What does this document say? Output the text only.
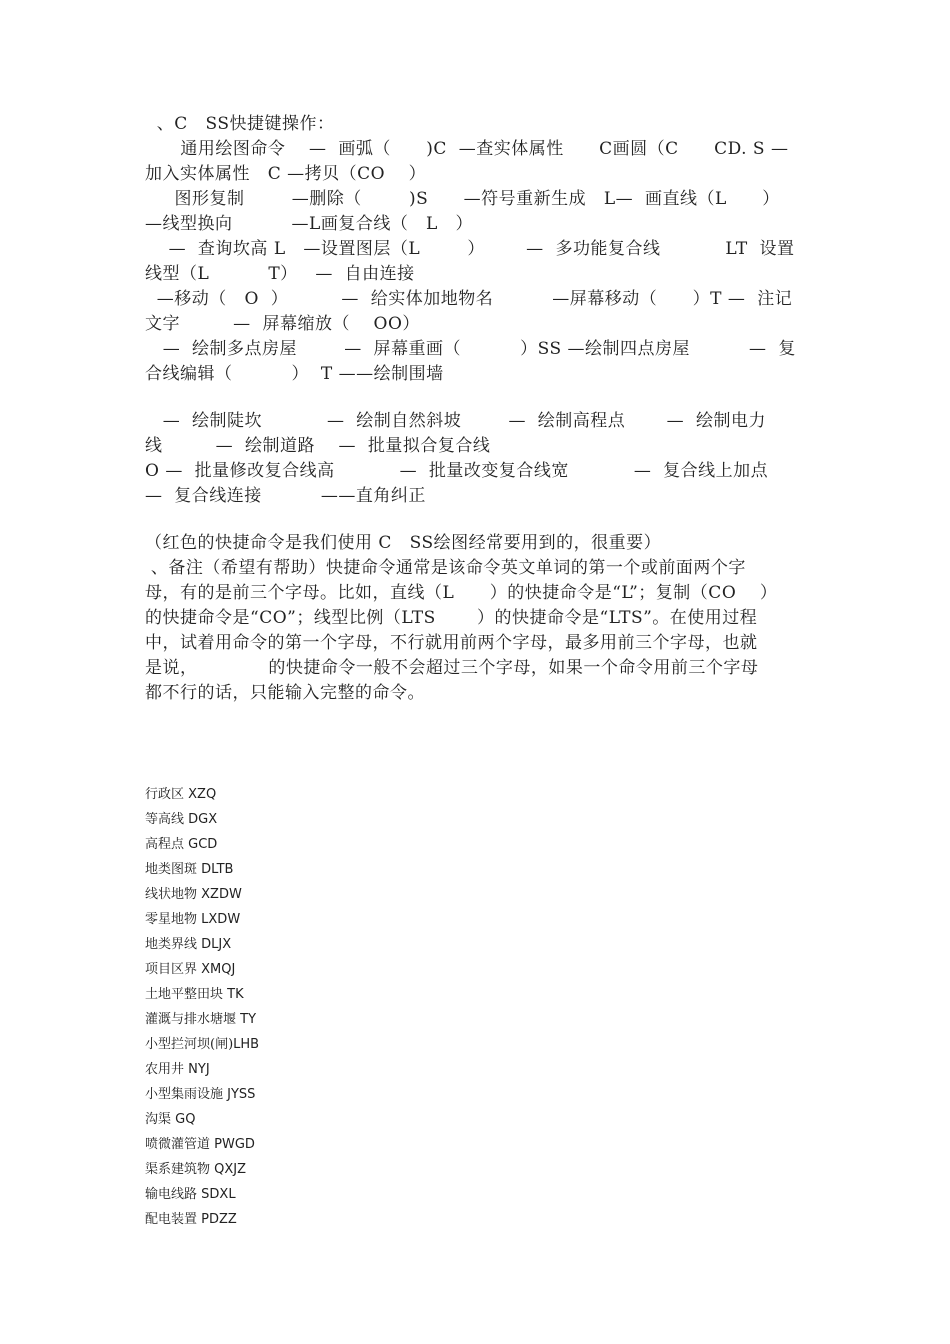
、C   SS快捷键操作：
通用绘图命令    —  画弧（      )C  —查实体属性      C画圆（C      CD. S —
加入实体属性   C —拷贝（CO    ）
图形复制        —删除（        )S      —符号重新生成   L—  画直线（L      ）
—线型换向          —L画复合线（   L   ）
—  查询坎高 L   —设置图层（L        ）       —  多功能复合线           LT  设置
线型（L          T）   —  自由连接
—移动（   O  ）         —  给实体加地物名          —屏幕移动（      ）T —  注记
文字         —  屏幕缩放（    OO）
—  绘制多点房屋        —  屏幕重画（          ）SS —绘制四点房屋          —  复
合线编辑（          ）  T ——绘制围墙
—  绘制陡坎           —  绘制自然斜坡        —  绘制高程点       —  绘制电力
线         —  绘制道路    —  批量拟合复合线
O —  批量修改复合线高           —  批量改变复合线宽           —  复合线上加点
—  复合线连接          ——直角纠正
（红色的快捷命令是我们使用 C   SS绘图经常要用到的，很重要）
、备注（希望有帮助）快捷命令通常是该命令英文单词的第一个或前面两个字
母，有的是前三个字母。比如，直线（L      ）的快捷命令是“L”；复制（CO    ）
的快捷命令是“CO”；线型比例（LTS       ）的快捷命令是“LTS”。在使用过程
中，试着用命令的第一个字母，不行就用前两个字母，最多用前三个字母，也就
是说，            的快捷命令一般不会超过三个字母，如果一个命令用前三个字母
都不行的话，只能输入完整的命令。
行政区 XZQ
等高线 DGX
高程点 GCD
地类图斑 DLTB
线状地物 XZDW
零星地物 LXDW
地类界线 DLJX
项目区界 XMQJ
土地平整田块 TK
灌溉与排水塘堰 TY
小型拦河坝(闸)LHB
农用井 NYJ
小型集雨设施 JYSS
沟渠 GQ
喷微灌管道 PWGD
渠系建筑物 QXJZ
输电线路 SDXL
配电装置 PDZZ
